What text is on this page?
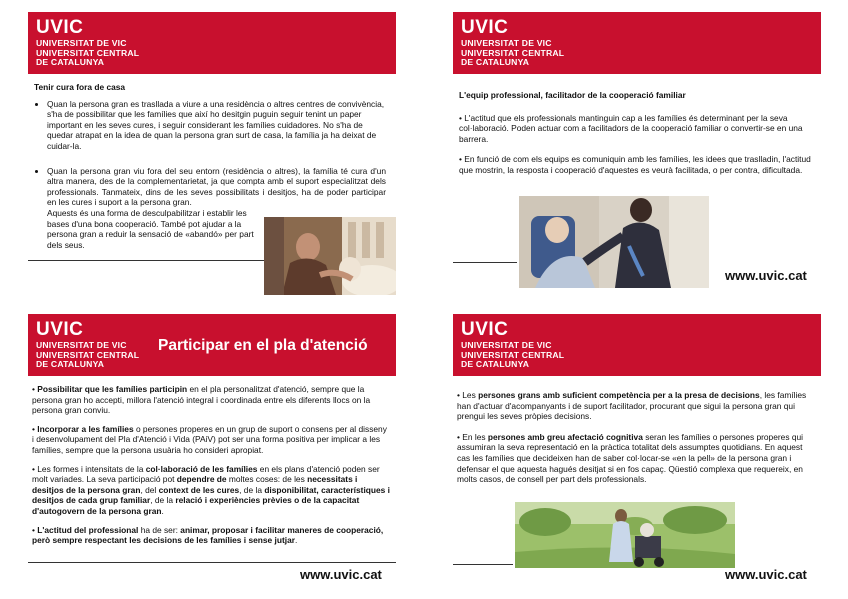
UVIC
UNIVERSITAT DE VIC
UNIVERSITAT CENTRAL
DE CATALUNYA
Tenir cura fora de casa
• Quan la persona gran es trasllada a viure a una residència o altres centres de convivència, s'ha de possibilitar que les famílies que així ho desitgin puguin seguir tenint un paper important en les seves cures, i seguir considerant les famílies cuidadores. No s'ha de quedar atrapat en la idea de quan la persona gran surt de casa, la família ja ha deixat de cuidar-la.
• Quan la persona gran viu fora del seu entorn (residència o altres), la família té cura d'un altra manera, des de la complementarietat, ja que compta amb el suport especialitzat dels professionals. Tanmateix, dins de les seves possibilitats i desitjos, ha de poder participar en les cures i suport a la persona gran.
Aquests és una forma de desculpabilitzar i establir les bases d'una bona cooperació. També pot ajudar a la persona gran a reduir la sensació de «abandó» per part dels seus.
UVIC
UNIVERSITAT DE VIC
UNIVERSITAT CENTRAL
DE CATALUNYA
L'equip professional, facilitador de la cooperació familiar

• L'actitud que els professionals mantinguin cap a les famílies és determinant per la seva col·laboració. Poden actuar com a facilitadors de la cooperació familiar o convertir-se en una barrera.

• En funció de com els equips es comuniquin amb les famílies, les idees que traslladin, l'actitud que mostrin, la resposta i cooperació d'aquestes es veurà facilitada, o per contra, dificultada.

www.uvic.cat
UVIC
UNIVERSITAT DE VIC
UNIVERSITAT CENTRAL
DE CATALUNYA
Participar en el pla d'atenció

• Possibilitar que les famílies participin en el pla personalitzat d'atenció, sempre que la persona gran ho accepti, millora l'atenció integral i coordinada entre els diferents llocs on la persona gran conviu.

• Incorporar a les famílies o persones properes en un grup de suport o consens per al disseny i desenvolupament del Pla d'Atenció i Vida (PAiV) pot ser una forma positiva per implicar a les famílies, sempre que la persona usuària ho consideri apropiat.

• Les formes i intensitats de la col·laboració de les famílies en els plans d'atenció poden ser molt variades. La seva participació pot dependre de moltes coses: de les necessitats i desitjos de la persona gran, del context de les cures, de la disponibilitat, característiques i desitjos de cada grup familiar, de la relació i experiències prèvies o de la capacitat d'autogovern de la persona gran.

• L'actitud del professional ha de ser: animar, proposar i facilitar maneres de cooperació, però sempre respectant les decisions de les famílies i sense jutjar.

www.uvic.cat
UVIC
UNIVERSITAT DE VIC
UNIVERSITAT CENTRAL
DE CATALUNYA

• Les persones grans amb suficient competència per a la presa de decisions, les famílies han d'actuar d'acompanyants i de suport facilitador, procurant que sigui la persona gran qui prengui les seves pròpies decisions.

• En les persones amb greu afectació cognitiva seran les famílies o persones properes qui assumiran la seva representació en la pràctica totalitat dels assumptes quotidians. En aquest cas les famílies que decideixen han de saber col·locar-se «en la pell» de la persona gran i defensar el que aquesta hagués desitjat si en fos capaç. Qüestió complexa que requereix, en molts casos, de consell per part dels professionals.

www.uvic.cat
